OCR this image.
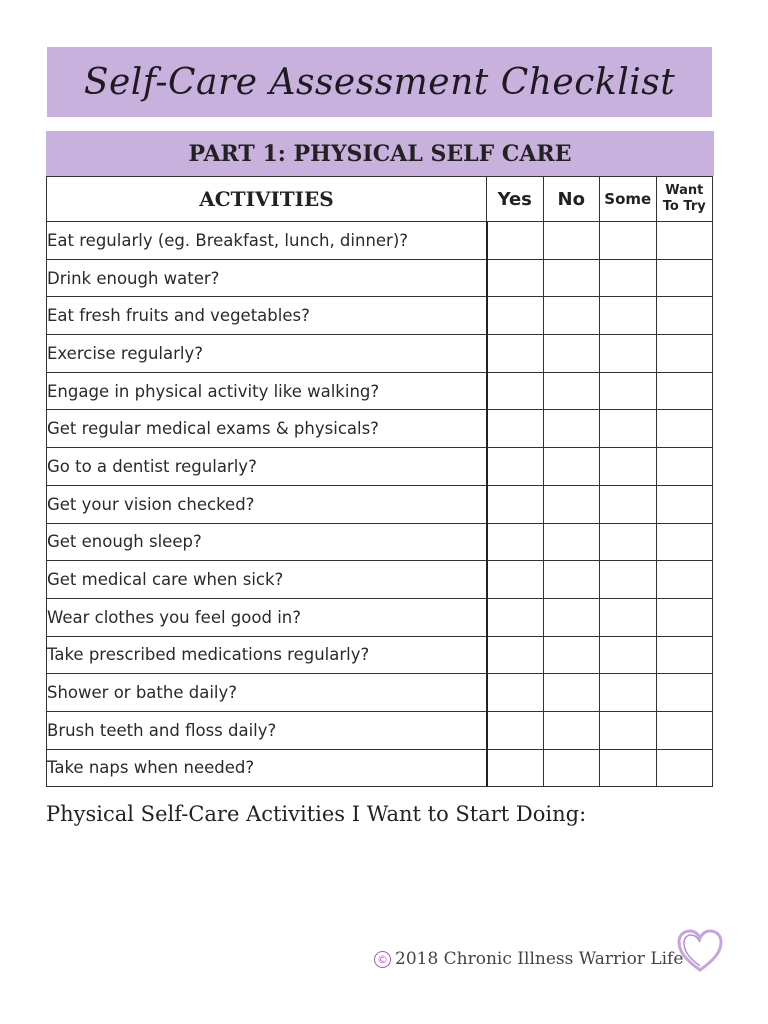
Self-Care Assessment Checklist
PART 1: PHYSICAL SELF CARE
ACTIVITIES	Yes	No	Some	Want
To Try
Eat regularly (eg. Breakfast, lunch, dinner)?				
Drink enough water?				
Eat fresh fruits and vegetables?				
Exercise regularly?				
Engage in physical activity like walking?				
Get regular medical exams & physicals?				
Go to a dentist regularly?				
Get your vision checked?				
Get enough sleep?				
Get medical care when sick?				
Wear clothes you feel good in?				
Take prescribed medications regularly?				
Shower or bathe daily?				
Brush teeth and floss daily?				
Take naps when needed?				
Physical Self-Care Activities I Want to Start Doing:
© 2018 Chronic Illness Warrior Life
